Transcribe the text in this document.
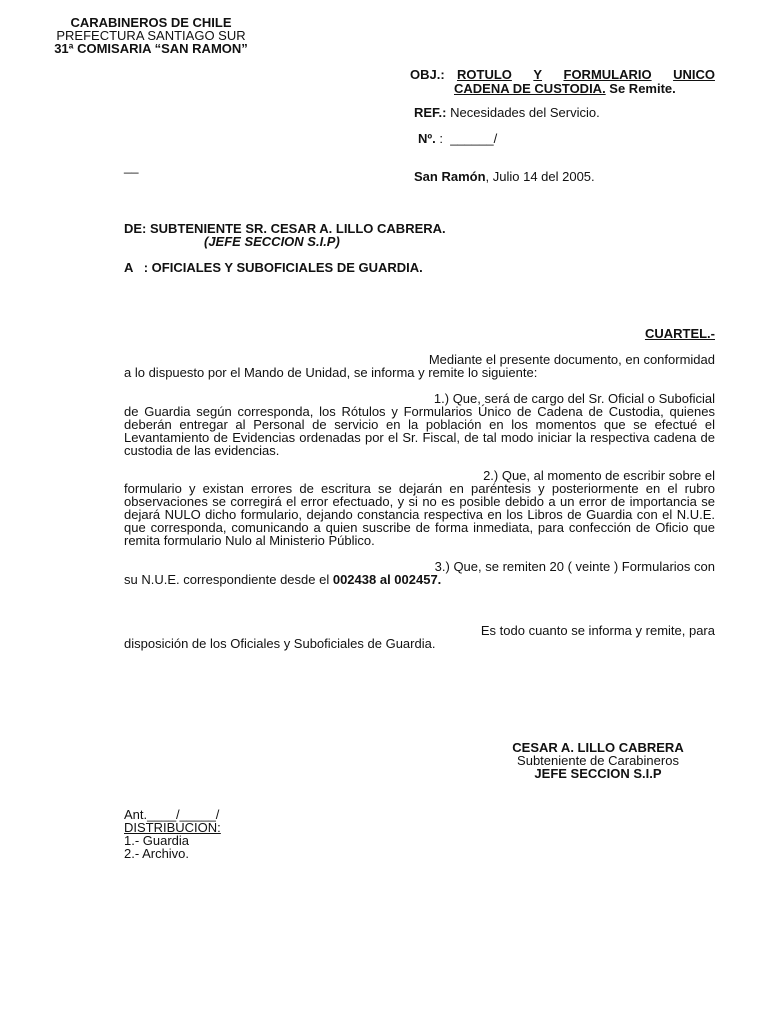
CARABINEROS DE CHILE
PREFECTURA SANTIAGO SUR
31ª COMISARIA “SAN RAMON”
OBJ.: ROTULO Y FORMULARIO UNICO
CADENA DE CUSTODIA. Se Remite.
REF.: Necesidades del Servicio.
Nº. :  ______/
__
San Ramón, Julio 14 del 2005.
DE: SUBTENIENTE SR. CESAR A. LILLO CABRERA.
(JEFE SECCION S.I.P)
A   : OFICIALES Y SUBOFICIALES DE GUARDIA.
CUARTEL.-
Mediante el presente documento, en conformidad
a lo dispuesto por el Mando de Unidad, se informa y remite lo siguiente:
1.) Que, será de cargo del Sr. Oficial o Suboficial
de Guardia según corresponda, los Rótulos y Formularios Único de Cadena de Custodia, quienes deberán entregar al Personal de servicio en la población en los momentos que se efectué el Levantamiento de Evidencias ordenadas por el Sr. Fiscal, de tal modo iniciar la respectiva cadena de custodia de las evidencias.
2.) Que, al momento de escribir sobre el
formulario y existan errores de escritura se dejarán en paréntesis y posteriormente en el rubro observaciones se corregirá el error efectuado, y si no es posible debido a un error de importancia se dejará NULO dicho formulario, dejando constancia respectiva en los Libros de Guardia con el N.U.E. que corresponda, comunicando a quien suscribe de forma inmediata, para confección de Oficio que remita formulario Nulo al Ministerio Público.
3.) Que, se remiten 20 ( veinte ) Formularios con
su N.U.E. correspondiente desde el 002438 al 002457.
Es todo cuanto se informa y remite, para
disposición de los Oficiales y Suboficiales de Guardia.
CESAR A. LILLO CABRERA
Subteniente de Carabineros
JEFE SECCION S.I.P
Ant.____/_____/
DISTRIBUCION:
1.- Guardia
2.- Archivo.
